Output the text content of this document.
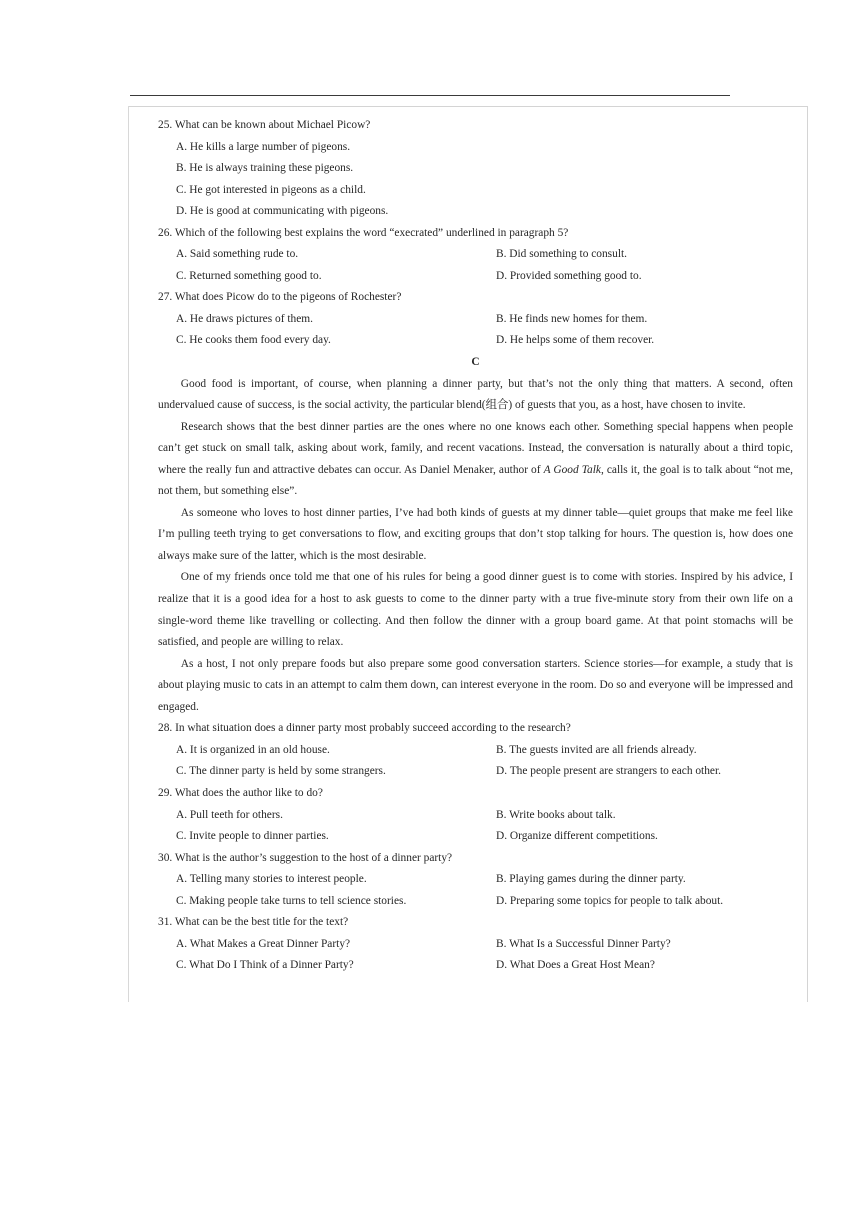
25. What can be known about Michael Picow?

A. He kills a large number of pigeons.

B. He is always training these pigeons.

C. He got interested in pigeons as a child.

D. He is good at communicating with pigeons.

26. Which of the following best explains the word “execrated” underlined in paragraph 5?

A. Said something rude to.	B. Did something to consult.
C. Returned something good to.	D. Provided something good to.

27. What does Picow do to the pigeons of Rochester?

A. He draws pictures of them.	B. He finds new homes for them.
C. He cooks them food every day.	D. He helps some of them recover.

C

Good food is important, of course, when planning a dinner party, but that’s not the only thing that matters. A second, often undervalued cause of success, is the social activity, the particular blend(组合) of guests that you, as a host, have chosen to invite.

Research shows that the best dinner parties are the ones where no one knows each other. Something special happens when people can’t get stuck on small talk, asking about work, family, and recent vacations. Instead, the conversation is naturally about a third topic, where the really fun and attractive debates can occur. As Daniel Menaker, author of A Good Talk, calls it, the goal is to talk about “not me, not them, but something else”.

As someone who loves to host dinner parties, I’ve had both kinds of guests at my dinner table—quiet groups that make me feel like I’m pulling teeth trying to get conversations to flow, and exciting groups that don’t stop talking for hours. The question is, how does one always make sure of the latter, which is the most desirable.

One of my friends once told me that one of his rules for being a good dinner guest is to come with stories. Inspired by his advice, I realize that it is a good idea for a host to ask guests to come to the dinner party with a true five-minute story from their own life on a single-word theme like travelling or collecting. And then follow the dinner with a group board game. At that point stomachs will be satisfied, and people are willing to relax.

As a host, I not only prepare foods but also prepare some good conversation starters. Science stories—for example, a study that is about playing music to cats in an attempt to calm them down, can interest everyone in the room. Do so and everyone will be impressed and engaged.

28. In what situation does a dinner party most probably succeed according to the research?

A. It is organized in an old house.	B. The guests invited are all friends already.
C. The dinner party is held by some strangers.	D. The people present are strangers to each other.

29. What does the author like to do?

A. Pull teeth for others.	B. Write books about talk.
C. Invite people to dinner parties.	D. Organize different competitions.

30. What is the author’s suggestion to the host of a dinner party?

A. Telling many stories to interest people.	B. Playing games during the dinner party.
C. Making people take turns to tell science stories.	D. Preparing some topics for people to talk about.

31. What can be the best title for the text?

A. What Makes a Great Dinner Party?	B. What Is a Successful Dinner Party?
C. What Do I Think of a Dinner Party?	D. What Does a Great Host Mean?
